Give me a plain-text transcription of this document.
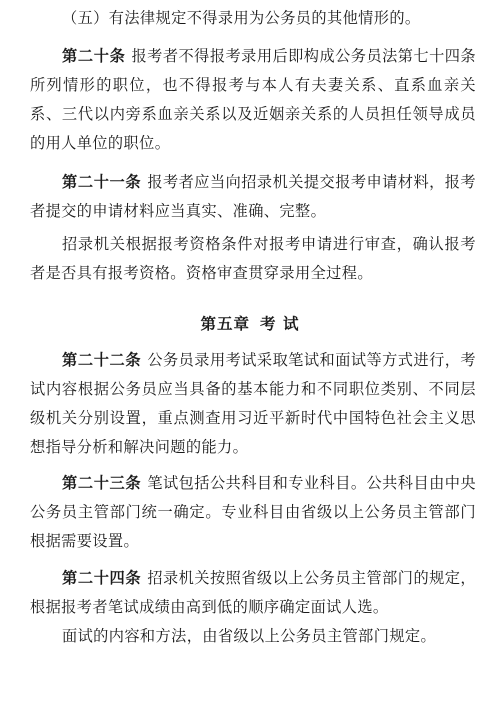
（五）有法律规定不得录用为公务员的其他情形的。

第二十条 报考者不得报考录用后即构成公务员法第七十四条所列情形的职位，也不得报考与本人有夫妻关系、直系血亲关系、三代以内旁系血亲关系以及近姻亲关系的人员担任领导成员的用人单位的职位。

第二十一条 报考者应当向招录机关提交报考申请材料，报考者提交的申请材料应当真实、准确、完整。

招录机关根据报考资格条件对报考申请进行审查，确认报考者是否具有报考资格。资格审查贯穿录用全过程。

第五章 考 试

第二十二条 公务员录用考试采取笔试和面试等方式进行，考试内容根据公务员应当具备的基本能力和不同职位类别、不同层级机关分别设置，重点测查用习近平新时代中国特色社会主义思想指导分析和解决问题的能力。

第二十三条 笔试包括公共科目和专业科目。公共科目由中央公务员主管部门统一确定。专业科目由省级以上公务员主管部门根据需要设置。

第二十四条 招录机关按照省级以上公务员主管部门的规定，根据报考者笔试成绩由高到低的顺序确定面试人选。

面试的内容和方法，由省级以上公务员主管部门规定。
